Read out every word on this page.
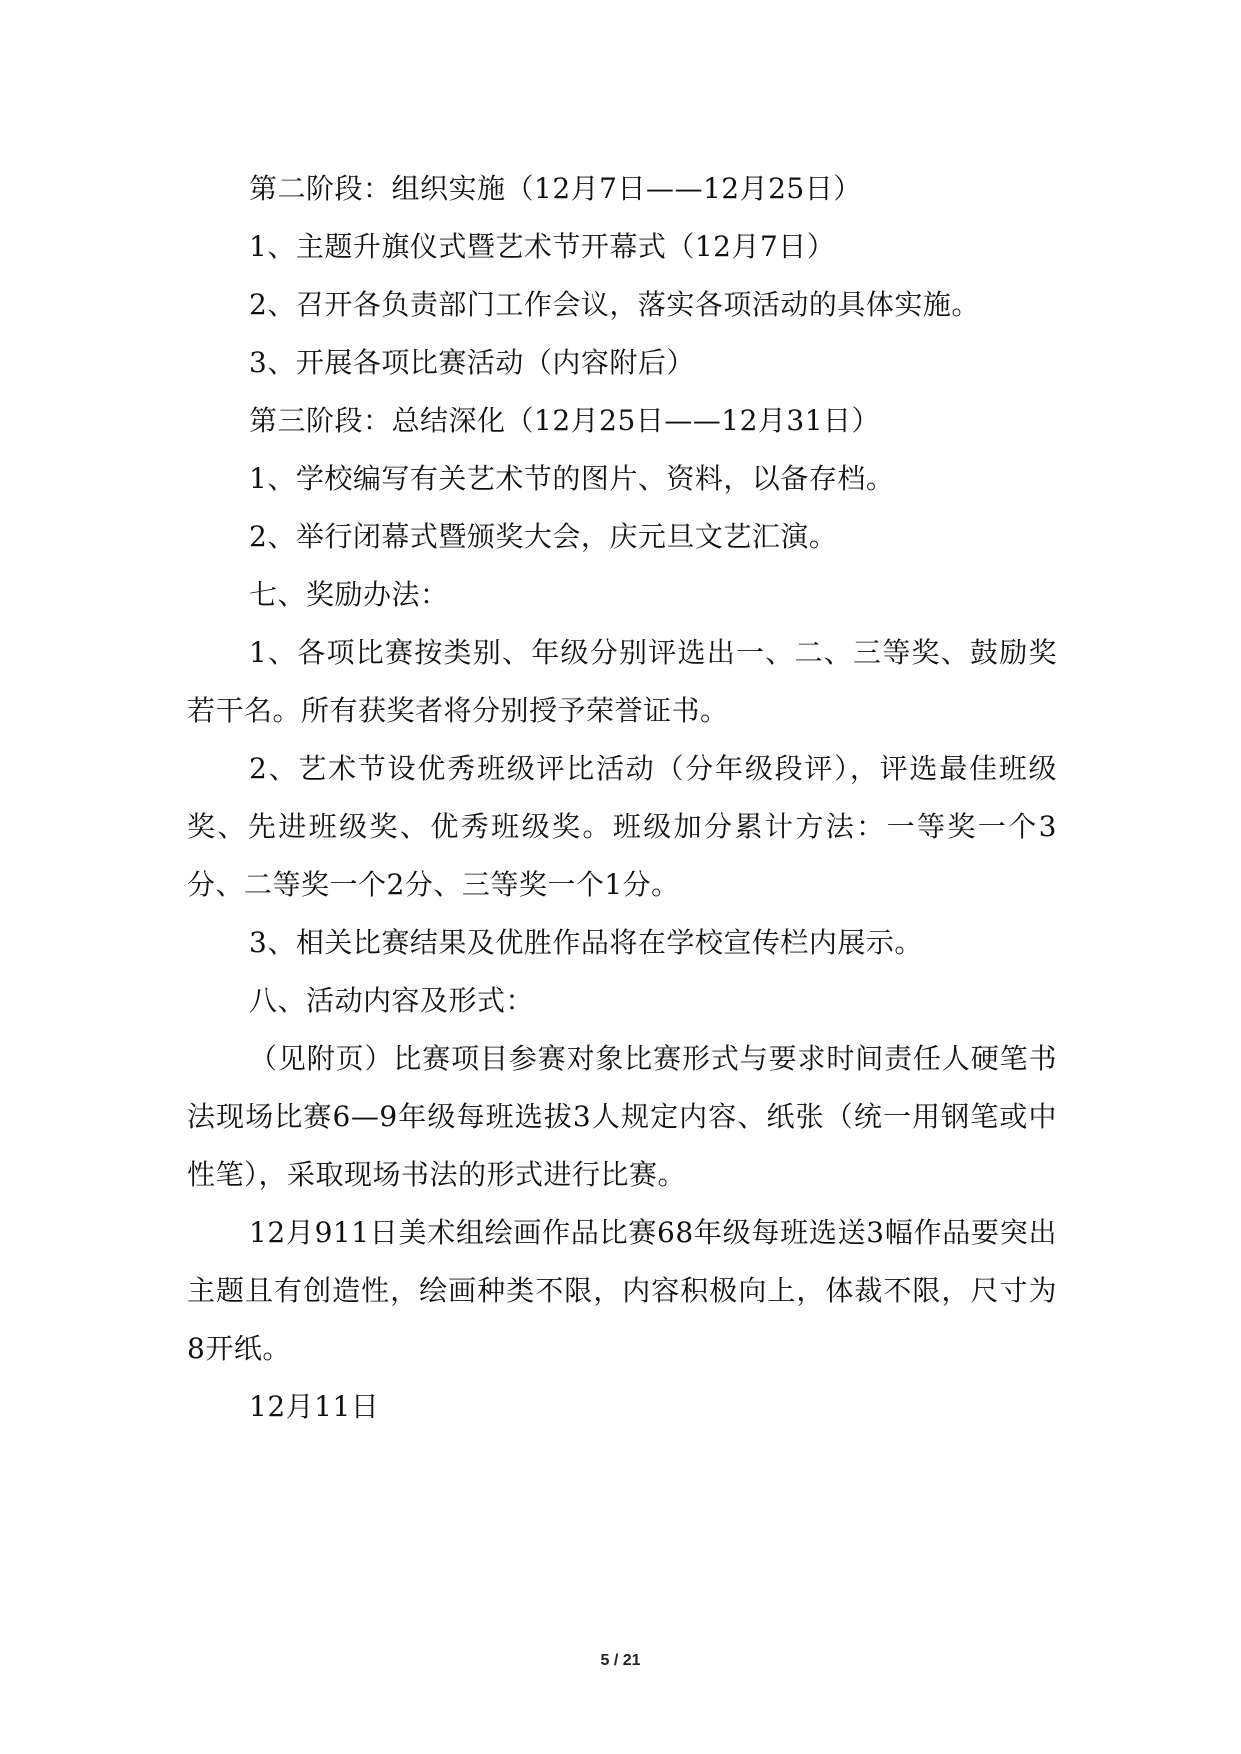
第二阶段：组织实施（12月7日——12月25日）

1、主题升旗仪式暨艺术节开幕式（12月7日）

2、召开各负责部门工作会议，落实各项活动的具体实施。

3、开展各项比赛活动（内容附后）

第三阶段：总结深化（12月25日——12月31日）

1、学校编写有关艺术节的图片、资料，以备存档。

2、举行闭幕式暨颁奖大会，庆元旦文艺汇演。

七、奖励办法：

1、各项比赛按类别、年级分别评选出一、二、三等奖、鼓励奖若干名。所有获奖者将分别授予荣誉证书。

2、艺术节设优秀班级评比活动（分年级段评），评选最佳班级奖、先进班级奖、优秀班级奖。班级加分累计方法：一等奖一个3分、二等奖一个2分、三等奖一个1分。

3、相关比赛结果及优胜作品将在学校宣传栏内展示。

八、活动内容及形式：

（见附页）比赛项目参赛对象比赛形式与要求时间责任人硬笔书法现场比赛6—9年级每班选拔3人规定内容、纸张（统一用钢笔或中性笔），采取现场书法的形式进行比赛。

12月911日美术组绘画作品比赛68年级每班选送3幅作品要突出主题且有创造性，绘画种类不限，内容积极向上，体裁不限，尺寸为8开纸。

12月11日

5 / 21
